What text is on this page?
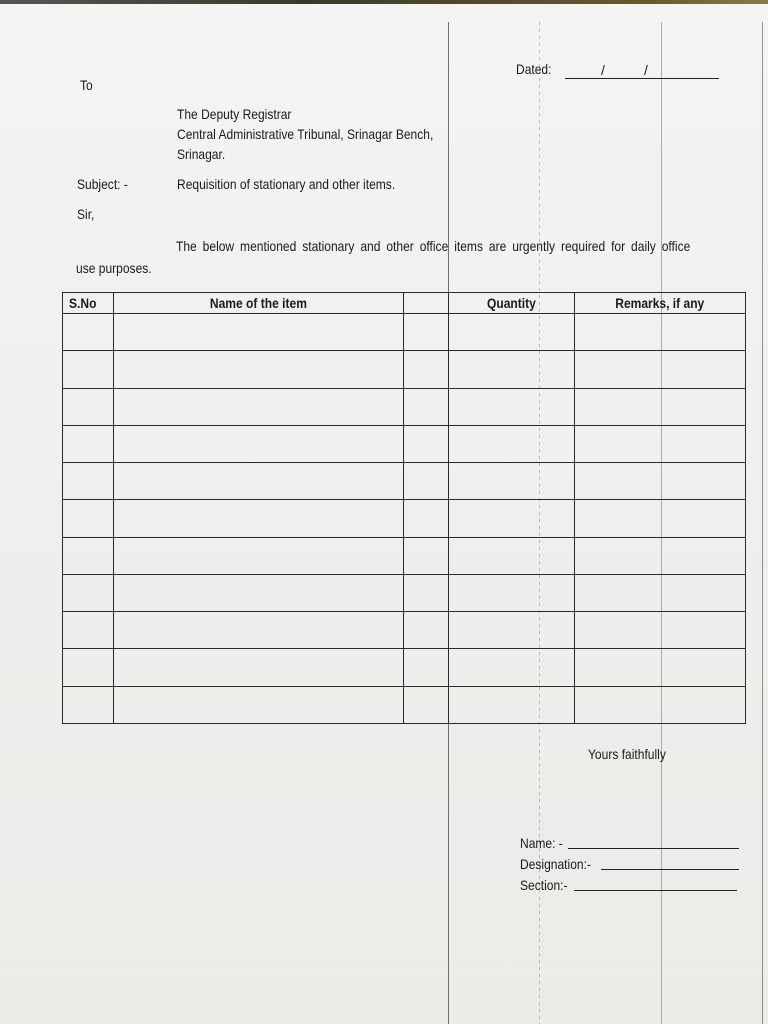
Dated:	/	/
To
The Deputy Registrar
Central Administrative Tribunal, Srinagar Bench,
Srinagar.
Subject: -	Requisition of stationary and other items.
Sir,
The below mentioned stationary and other office items are urgently required for daily office
use purposes.
S.No	Name of the item		Quantity	Remarks, if any

Yours faithfully
Name: -
Designation:-
Section:-
